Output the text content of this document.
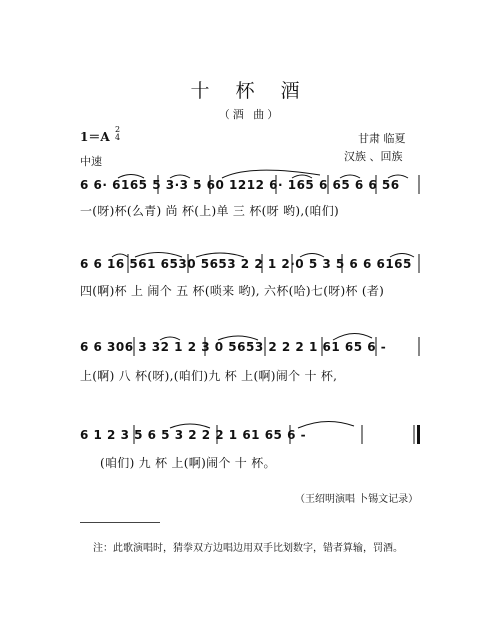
十 杯 酒
（酒 曲）
1＝A
2
4
中速
甘肃 临夏
汉族 、回族
6 6· 6165 5 3·3 5 60 1212 6· 165 6 65 6 6 56
一(呀)杯(么青) 尚 杯(上)单 三 杯(呀 哟),(咱们)
6 6 16 561 6530 5653 2 2 1 2·0 5 3 5 6 6 6165
四(啊)杯 上 闹个 五 杯(唢来 哟), 六杯(哈)七(呀)杯 (者)
6 6 306 3 32 1 2 3 0 5653 2 2 2 1 61 65 6 -
上(啊) 八 杯(呀),(咱们)九 杯 上(啊)闹个 十 杯,
6 1 2 3 5 6 5 3 2 2 2 1 61 65 6 -
(咱们) 九 杯 上(啊)闹个 十 杯。
（王绍明演唱 卜锡文记录）
注：此歌演唱时，猜拳双方边唱边用双手比划数字，错者算输，罚酒。
